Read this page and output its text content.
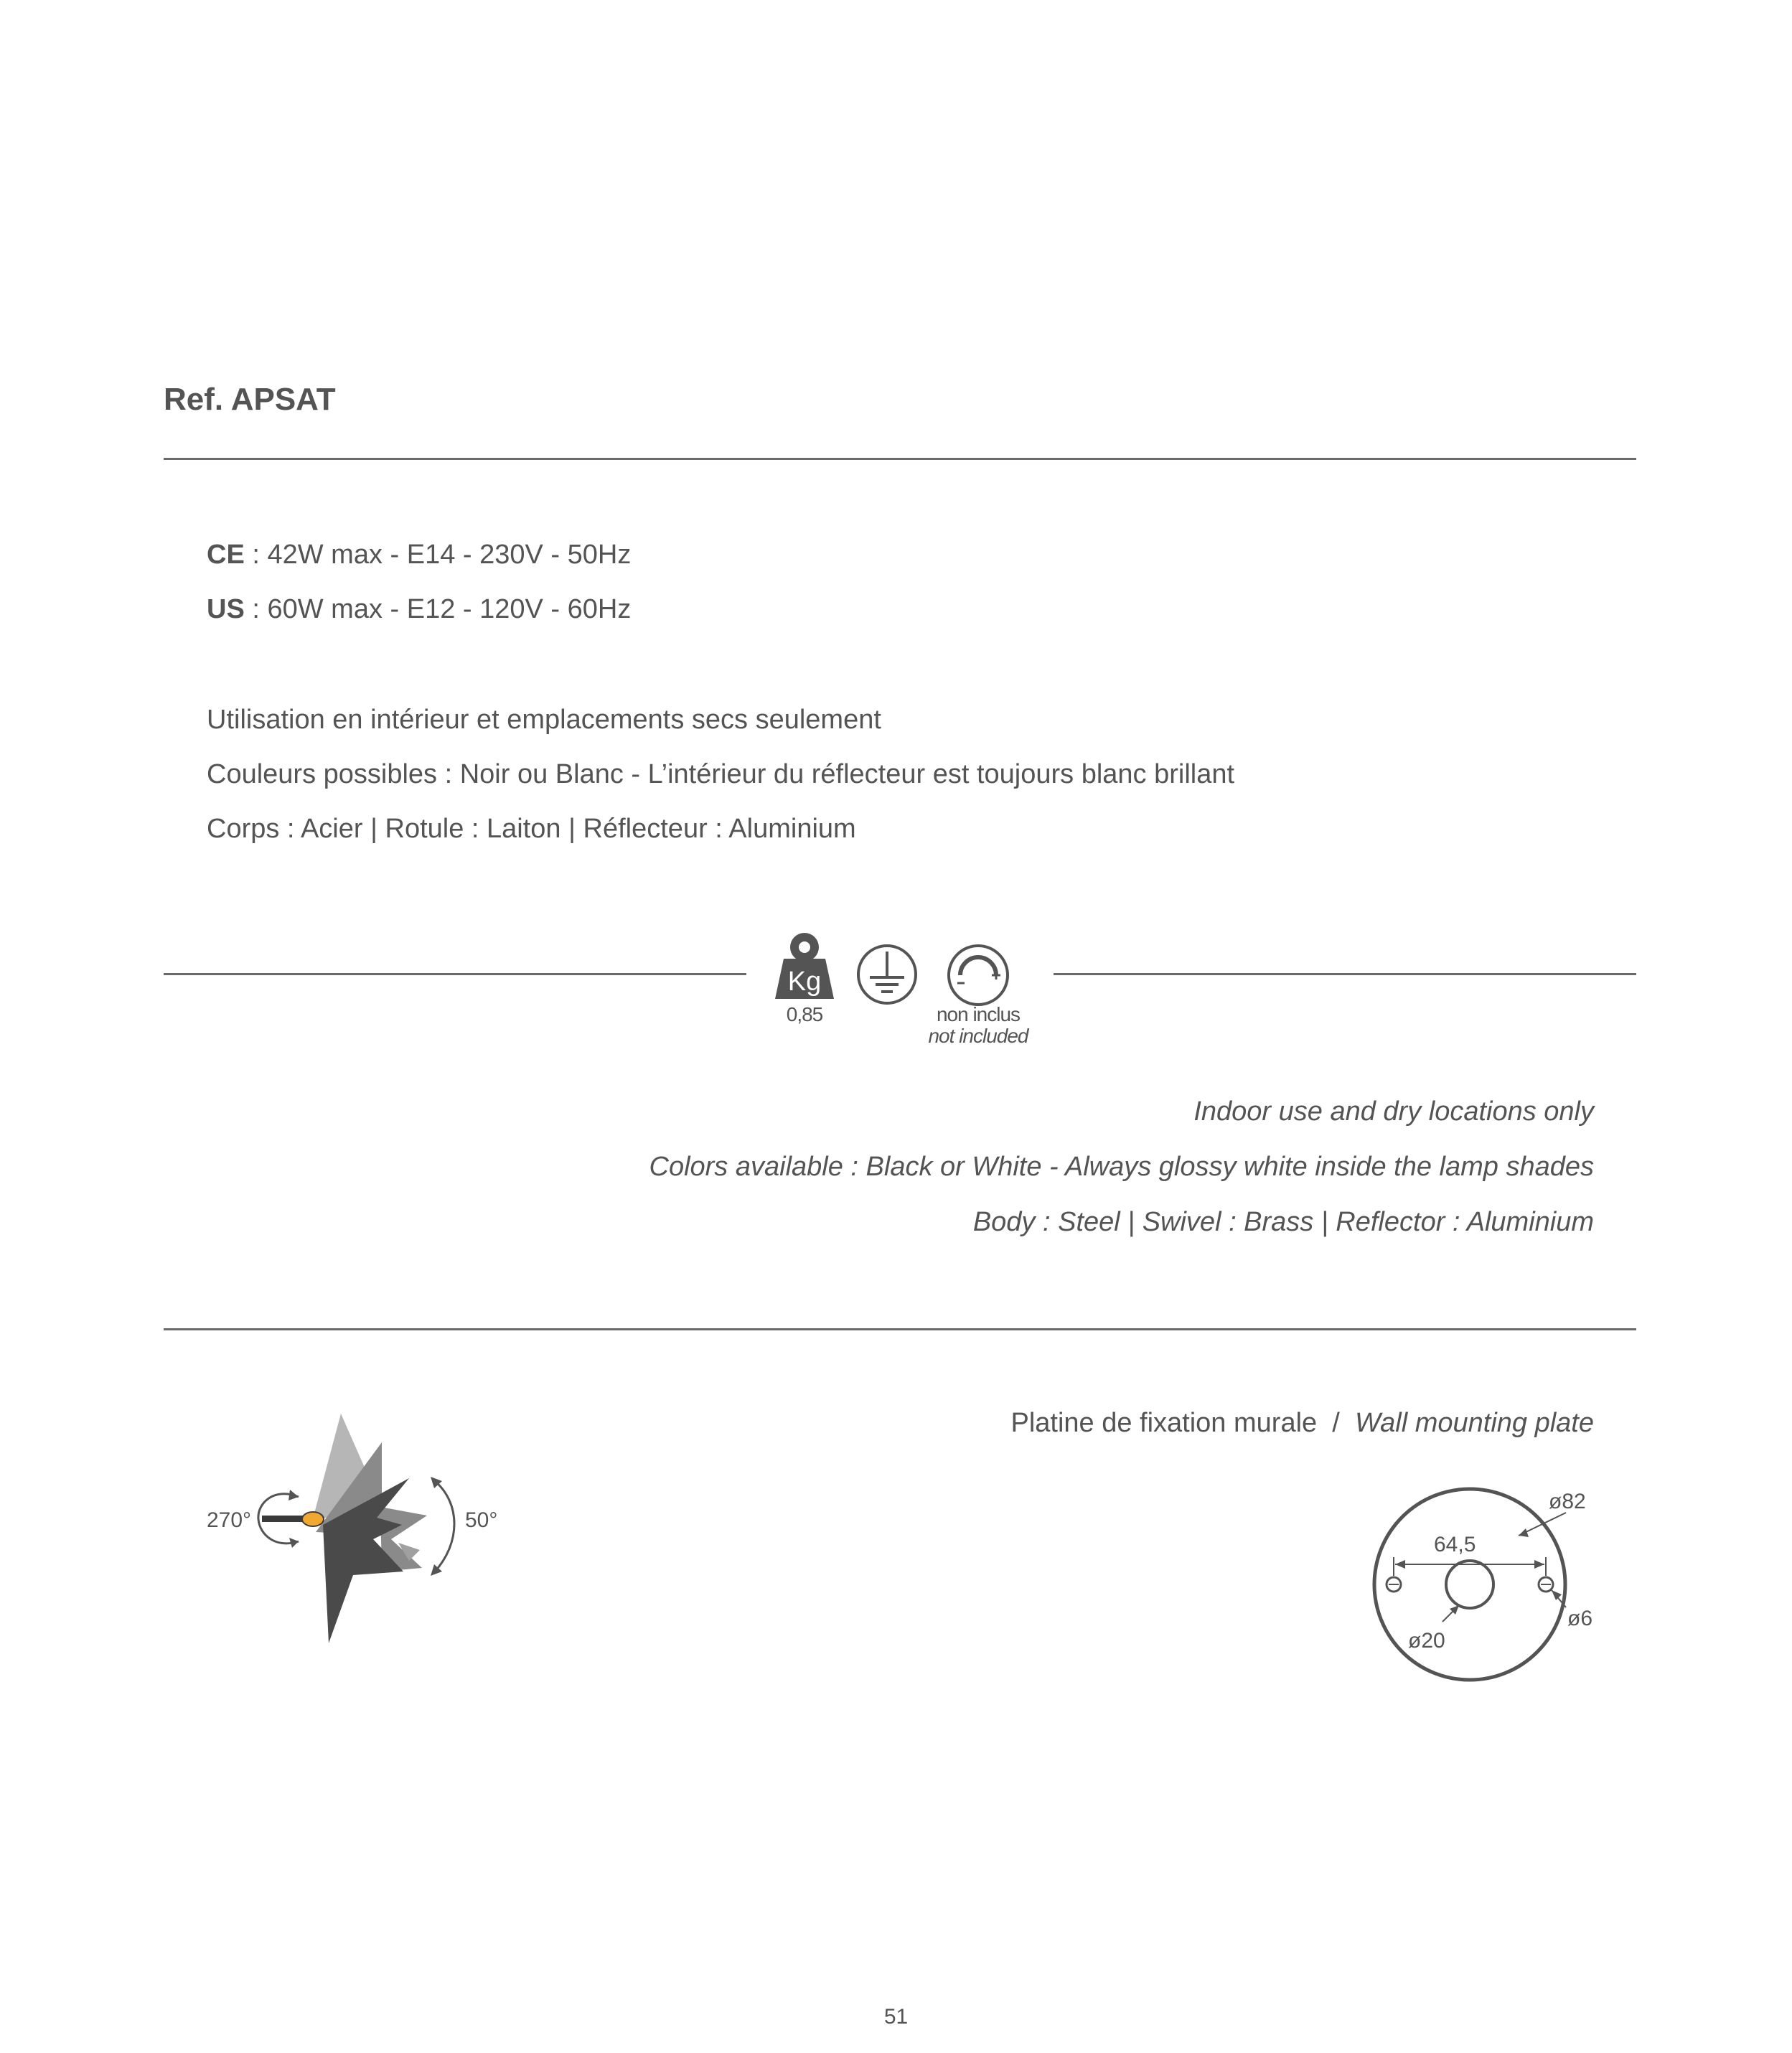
Ref. APSAT
CE : 42W max - E14 - 230V - 50Hz
US : 60W max - E12 - 120V - 60Hz
Utilisation en intérieur et emplacements secs seulement
Couleurs possibles : Noir ou Blanc - L’intérieur du réflecteur est toujours blanc brillant
Corps : Acier | Rotule : Laiton | Réflecteur : Aluminium
Kg
0,85	non inclus
not included
Indoor use and dry locations only
Colors available : Black or White - Always glossy white inside the lamp shades
Body : Steel | Swivel : Brass | Reflector : Aluminium
270°	50°
Platine de fixation murale  /  Wall mounting plate
64,5
ø82
ø6
ø20
51
